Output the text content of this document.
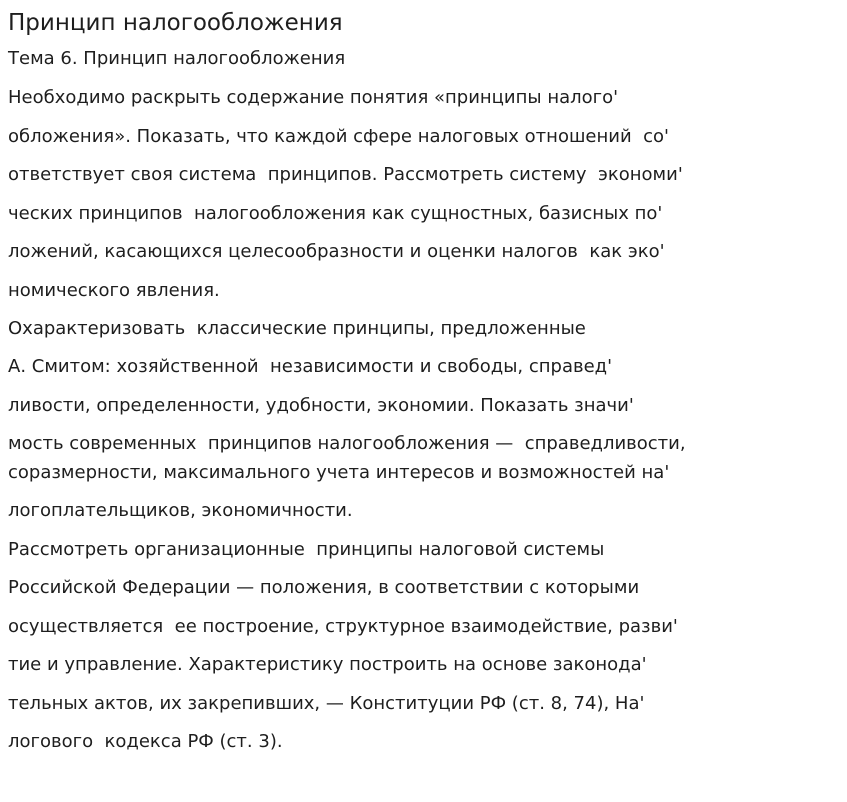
Принцип налогообложения
Тема 6. Принцип налогообложения

Необходимо раскрыть содержание понятия «принципы налого'

обложения». Показать, что каждой сфере налоговых отношений  со'

ответствует своя система  принципов. Рассмотреть систему  экономи'

ческих принципов  налогообложения как сущностных, базисных по'

ложений, касающихся целесообразности и оценки налогов  как эко'

номического явления.

Охарактеризовать  классические принципы, предложенные

А. Смитом: хозяйственной  независимости и свободы, справед'

ливости, определенности, удобности, экономии. Показать значи'

мость современных  принципов налогообложения —  справедливости,

соразмерности, максимального учета интересов и возможностей на'

логоплательщиков, экономичности.

Рассмотреть организационные  принципы налоговой системы

Российской Федерации — положения, в соответствии с которыми

осуществляется  ее построение, структурное взаимодействие, разви'

тие и управление. Характеристику построить на основе законода'

тельных актов, их закрепивших, — Конституции РФ (ст. 8, 74), На'

логового  кодекса РФ (ст. 3).
